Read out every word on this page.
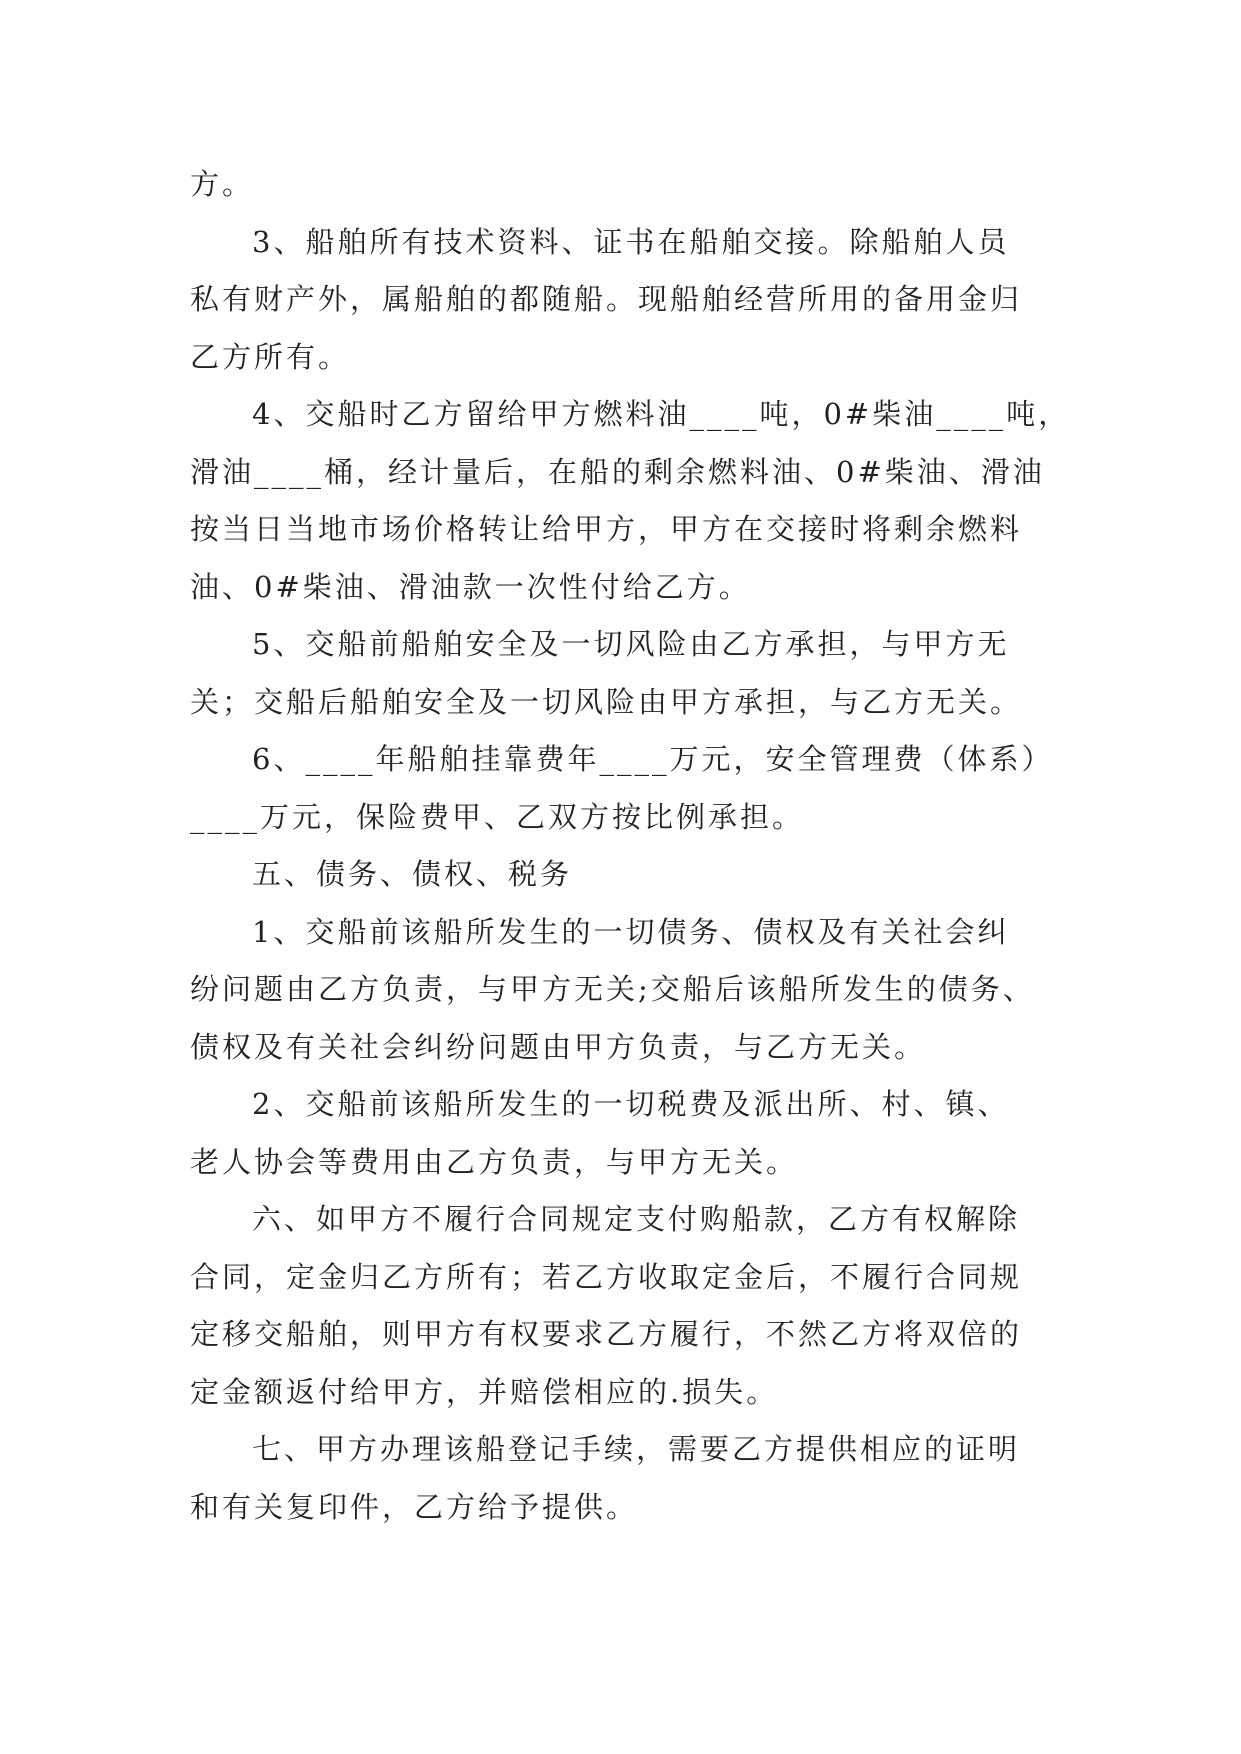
方。
3、船舶所有技术资料、证书在船舶交接。除船舶人员
私有财产外，属船舶的都随船。现船舶经营所用的备用金归
乙方所有。
4、交船时乙方留给甲方燃料油____吨，0#柴油____吨，
滑油____桶，经计量后，在船的剩余燃料油、0#柴油、滑油
按当日当地市场价格转让给甲方，甲方在交接时将剩余燃料
油、0#柴油、滑油款一次性付给乙方。
5、交船前船舶安全及一切风险由乙方承担，与甲方无
关；交船后船舶安全及一切风险由甲方承担，与乙方无关。
6、____年船舶挂靠费年____万元，安全管理费（体系）
____万元，保险费甲、乙双方按比例承担。
五、债务、债权、税务
1、交船前该船所发生的一切债务、债权及有关社会纠
纷问题由乙方负责，与甲方无关;交船后该船所发生的债务、
债权及有关社会纠纷问题由甲方负责，与乙方无关。
2、交船前该船所发生的一切税费及派出所、村、镇、
老人协会等费用由乙方负责，与甲方无关。
六、如甲方不履行合同规定支付购船款，乙方有权解除
合同，定金归乙方所有；若乙方收取定金后，不履行合同规
定移交船舶，则甲方有权要求乙方履行，不然乙方将双倍的
定金额返付给甲方，并赔偿相应的.损失。
七、甲方办理该船登记手续，需要乙方提供相应的证明
和有关复印件，乙方给予提供。
